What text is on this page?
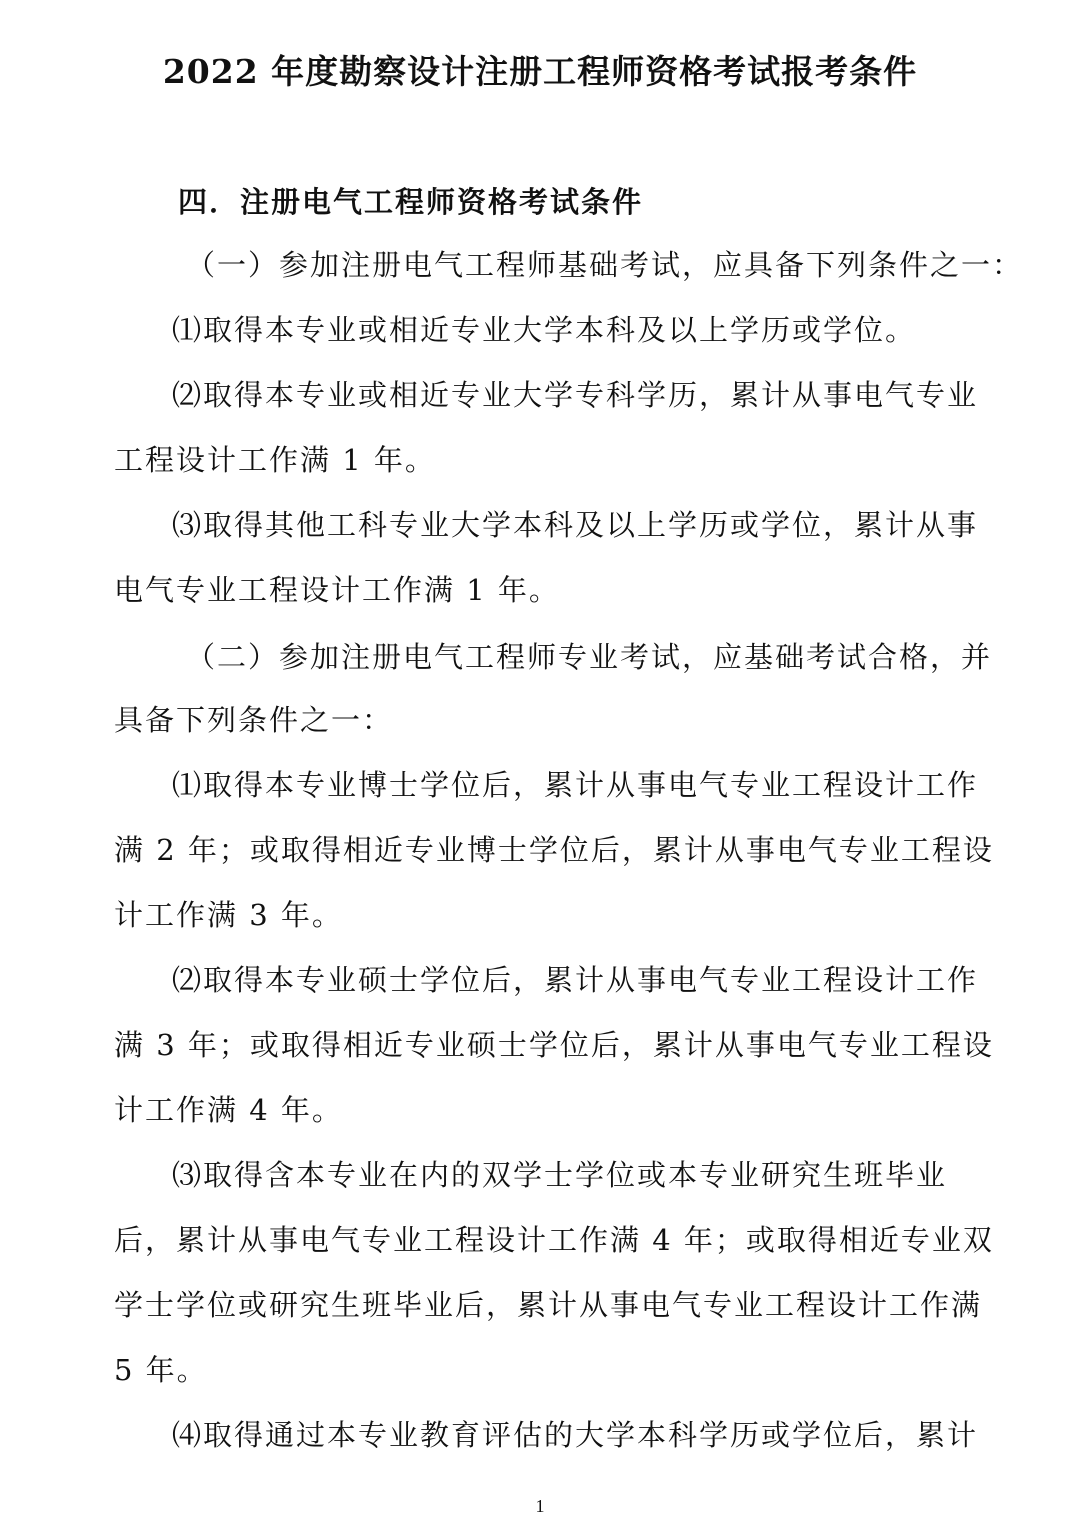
2022 年度勘察设计注册工程师资格考试报考条件
四．注册电气工程师资格考试条件
（一）参加注册电气工程师基础考试，应具备下列条件之一：
⑴取得本专业或相近专业大学本科及以上学历或学位。
⑵取得本专业或相近专业大学专科学历，累计从事电气专业
工程设计工作满 1 年。
⑶取得其他工科专业大学本科及以上学历或学位，累计从事
电气专业工程设计工作满 1 年。
（二）参加注册电气工程师专业考试，应基础考试合格，并
具备下列条件之一：
⑴取得本专业博士学位后，累计从事电气专业工程设计工作
满 2 年；或取得相近专业博士学位后，累计从事电气专业工程设
计工作满 3 年。
⑵取得本专业硕士学位后，累计从事电气专业工程设计工作
满 3 年；或取得相近专业硕士学位后，累计从事电气专业工程设
计工作满 4 年。
⑶取得含本专业在内的双学士学位或本专业研究生班毕业
后，累计从事电气专业工程设计工作满 4 年；或取得相近专业双
学士学位或研究生班毕业后，累计从事电气专业工程设计工作满
5 年。
⑷取得通过本专业教育评估的大学本科学历或学位后，累计
1
